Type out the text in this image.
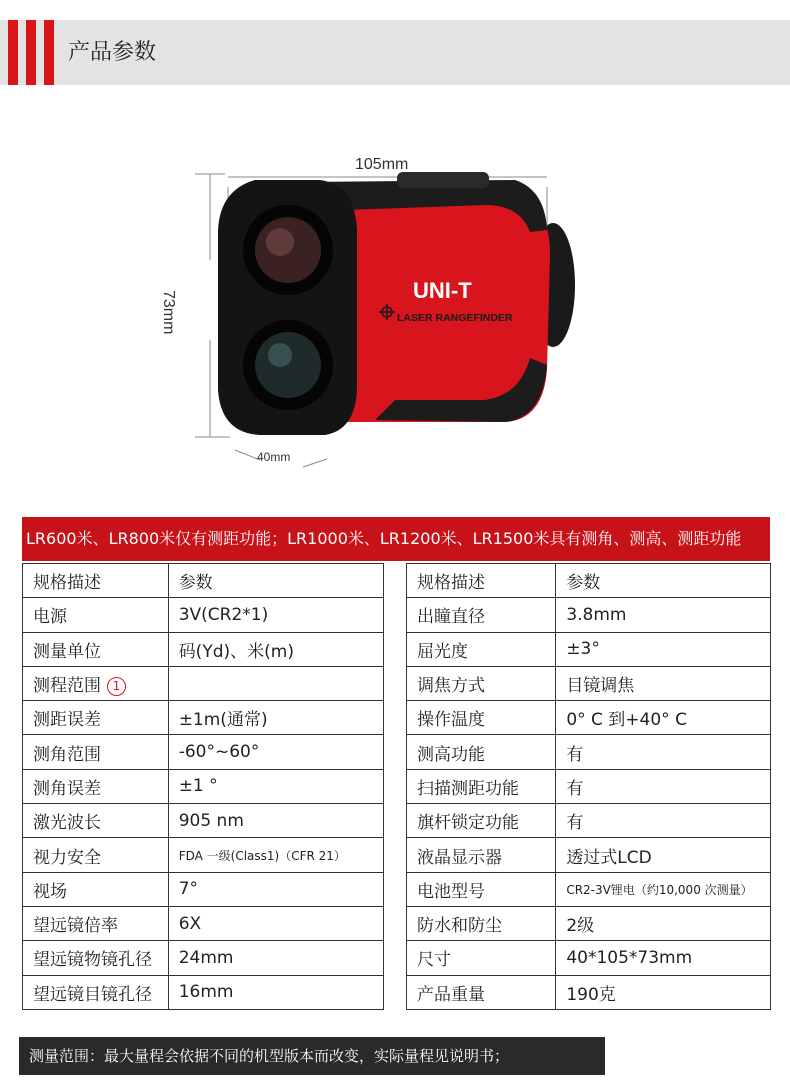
产品参数
UNI-T
LASER RANGEFINDER
105mm
73mm
40mm
LR600米、LR800米仅有测距功能；LR1000米、LR1200米、LR1500米具有测角、测高、测距功能
规格描述	参数
电源	3V(CR2*1)
测量单位	码(Yd)、米(m)
测程范围 1	
测距误差	±1m(通常)
测角范围	-60°~60°
测角误差	±1 °
激光波长	905 nm
视力安全	FDA 一级(Class1)（CFR 21）
视场	7°
望远镜倍率	6X
望远镜物镜孔径	24mm
望远镜目镜孔径	16mm
规格描述	参数
出瞳直径	3.8mm
屈光度	±3°
调焦方式	目镜调焦
操作温度	0° C 到+40° C
测高功能	有
扫描测距功能	有
旗杆锁定功能	有
液晶显示器	透过式LCD
电池型号	CR2-3V锂电（约10,000 次测量）
防水和防尘	2级
尺寸	40*105*73mm
产品重量	190克
测量范围：最大量程会依据不同的机型版本而改变，实际量程见说明书；
